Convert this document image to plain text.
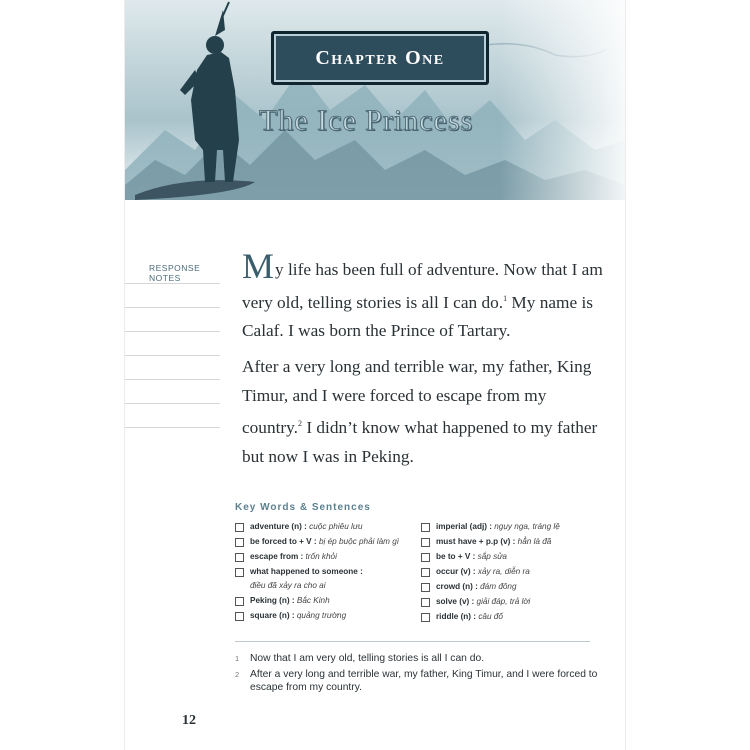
Chapter One
The Ice Princess
RESPONSE NOTES	My life has been full of adventure. Now that I am very old, telling stories is all I can do.$^1$ My name is Calaf. I was born the Prince of Tartary.

After a very long and terrible war, my father, King Timur, and I were forced to escape from my country.$^2$ I didn’t know what happened to my father but now I was in Peking.

Key Words & Sentences
adventure (n) : cuộc phiêu lưu
be forced to + V : bị ép buộc phải làm gì
escape from : trốn khỏi
what happened to someone :
điều đã xảy ra cho ai
Peking (n) : Bắc Kinh
square (n) : quảng trường
imperial (adj) : ngụy nga, tráng lệ
must have + p.p (v) : hẳn là đã
be to + V : sắp sửa
occur (v) : xảy ra, diễn ra
crowd (n) : đám đông
solve (v) : giải đáp, trả lời
riddle (n) : câu đố
1	Now that I am very old, telling stories is all I can do.
2	After a very long and terrible war, my father, King Timur, and I were forced to escape from my country.
12
